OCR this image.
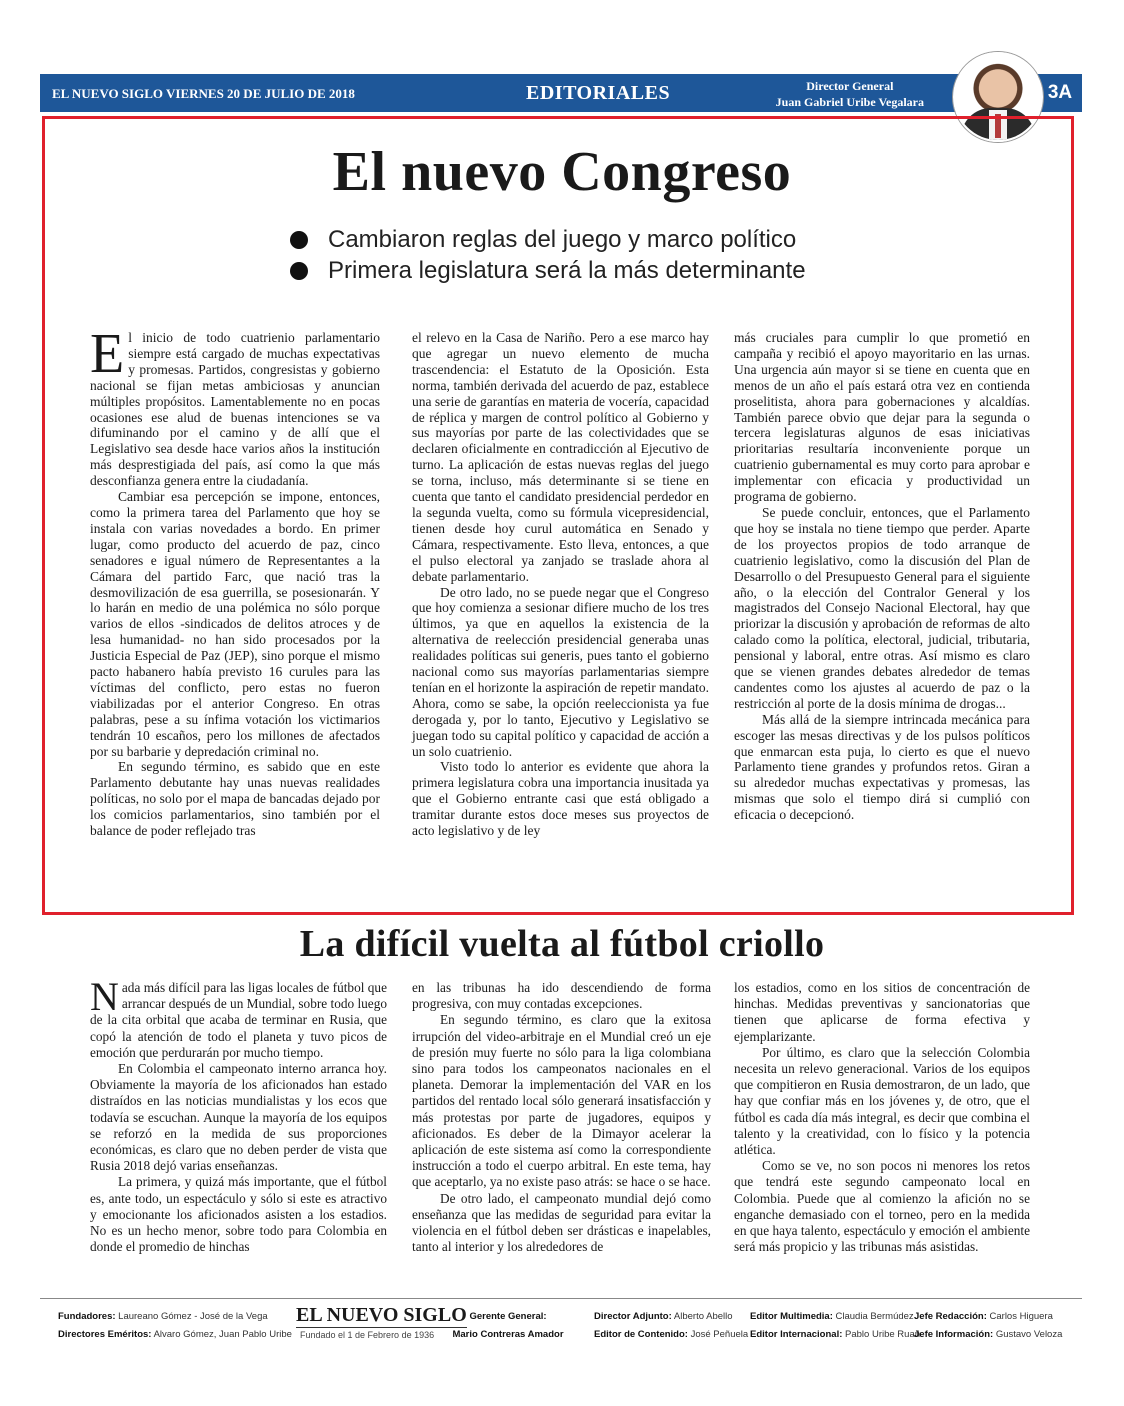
EL NUEVO SIGLO VIERNES 20 DE JULIO DE 2018	EDITORIALES	Director General
Juan Gabriel Uribe Vegalara	3A
El nuevo Congreso
Cambiaron reglas del juego y marco político
Primera legislatura será la más determinante

El inicio de todo cuatrienio parlamentario siempre está cargado de muchas expectativas y promesas. Partidos, congresistas y gobierno nacional se fijan metas ambiciosas y anuncian múltiples propósitos. Lamentablemente no en pocas ocasiones ese alud de buenas intenciones se va difuminando por el camino y de allí que el Legislativo sea desde hace varios años la institución más desprestigiada del país, así como la que más desconfianza genera entre la ciudadanía.

Cambiar esa percepción se impone, entonces, como la primera tarea del Parlamento que hoy se instala con varias novedades a bordo. En primer lugar, como producto del acuerdo de paz, cinco senadores e igual número de Representantes a la Cámara del partido Farc, que nació tras la desmovilización de esa guerrilla, se posesionarán. Y lo harán en medio de una polémica no sólo porque varios de ellos -sindicados de delitos atroces y de lesa humanidad- no han sido procesados por la Justicia Especial de Paz (JEP), sino porque el mismo pacto habanero había previsto 16 curules para las víctimas del conflicto, pero estas no fueron viabilizadas por el anterior Congreso. En otras palabras, pese a su ínfima votación los victimarios tendrán 10 escaños, pero los millones de afectados por su barbarie y depredación criminal no.

En segundo término, es sabido que en este Parlamento debutante hay unas nuevas realidades políticas, no solo por el mapa de bancadas dejado por los comicios parlamentarios, sino también por el balance de poder reflejado tras

el relevo en la Casa de Nariño. Pero a ese marco hay que agregar un nuevo elemento de mucha trascendencia: el Estatuto de la Oposición. Esta norma, también derivada del acuerdo de paz, establece una serie de garantías en materia de vocería, capacidad de réplica y margen de control político al Gobierno y sus mayorías por parte de las colectividades que se declaren oficialmente en contradicción al Ejecutivo de turno. La aplicación de estas nuevas reglas del juego se torna, incluso, más determinante si se tiene en cuenta que tanto el candidato presidencial perdedor en la segunda vuelta, como su fórmula vicepresidencial, tienen desde hoy curul automática en Senado y Cámara, respectivamente. Esto lleva, entonces, a que el pulso electoral ya zanjado se traslade ahora al debate parlamentario.

De otro lado, no se puede negar que el Congreso que hoy comienza a sesionar difiere mucho de los tres últimos, ya que en aquellos la existencia de la alternativa de reelección presidencial generaba unas realidades políticas sui generis, pues tanto el gobierno nacional como sus mayorías parlamentarias siempre tenían en el horizonte la aspiración de repetir mandato. Ahora, como se sabe, la opción reeleccionista ya fue derogada y, por lo tanto, Ejecutivo y Legislativo se juegan todo su capital político y capacidad de acción a un solo cuatrienio.

Visto todo lo anterior es evidente que ahora la primera legislatura cobra una importancia inusitada ya que el Gobierno entrante casi que está obligado a tramitar durante estos doce meses sus proyectos de acto legislativo y de ley

más cruciales para cumplir lo que prometió en campaña y recibió el apoyo mayoritario en las urnas. Una urgencia aún mayor si se tiene en cuenta que en menos de un año el país estará otra vez en contienda proselitista, ahora para gobernaciones y alcaldías. También parece obvio que dejar para la segunda o tercera legislaturas algunos de esas iniciativas prioritarias resultaría inconveniente porque un cuatrienio gubernamental es muy corto para aprobar e implementar con eficacia y productividad un programa de gobierno.

Se puede concluir, entonces, que el Parlamento que hoy se instala no tiene tiempo que perder. Aparte de los proyectos propios de todo arranque de cuatrienio legislativo, como la discusión del Plan de Desarrollo o del Presupuesto General para el siguiente año, o la elección del Contralor General y los magistrados del Consejo Nacional Electoral, hay que priorizar la discusión y aprobación de reformas de alto calado como la política, electoral, judicial, tributaria, pensional y laboral, entre otras. Así mismo es claro que se vienen grandes debates alrededor de temas candentes como los ajustes al acuerdo de paz o la restricción al porte de la dosis mínima de drogas...

Más allá de la siempre intrincada mecánica para escoger las mesas directivas y de los pulsos políticos que enmarcan esta puja, lo cierto es que el nuevo Parlamento tiene grandes y profundos retos. Giran a su alrededor muchas expectativas y promesas, las mismas que solo el tiempo dirá si cumplió con eficacia o decepcionó.

La difícil vuelta al fútbol criollo

Nada más difícil para las ligas locales de fútbol que arrancar después de un Mundial, sobre todo luego de la cita orbital que acaba de terminar en Rusia, que copó la atención de todo el planeta y tuvo picos de emoción que perdurarán por mucho tiempo.

En Colombia el campeonato interno arranca hoy. Obviamente la mayoría de los aficionados han estado distraídos en las noticias mundialistas y los ecos que todavía se escuchan. Aunque la mayoría de los equipos se reforzó en la medida de sus proporciones económicas, es claro que no deben perder de vista que Rusia 2018 dejó varias enseñanzas.

La primera, y quizá más importante, que el fútbol es, ante todo, un espectáculo y sólo si este es atractivo y emocionante los aficionados asisten a los estadios. No es un hecho menor, sobre todo para Colombia en donde el promedio de hinchas

en las tribunas ha ido descendiendo de forma progresiva, con muy contadas excepciones.

En segundo término, es claro que la exitosa irrupción del video-arbitraje en el Mundial creó un eje de presión muy fuerte no sólo para la liga colombiana sino para todos los campeonatos nacionales en el planeta. Demorar la implementación del VAR en los partidos del rentado local sólo generará insatisfacción y más protestas por parte de jugadores, equipos y aficionados. Es deber de la Dimayor acelerar la aplicación de este sistema así como la correspondiente instrucción a todo el cuerpo arbitral. En este tema, hay que aceptarlo, ya no existe paso atrás: se hace o se hace.

De otro lado, el campeonato mundial dejó como enseñanza que las medidas de seguridad para evitar la violencia en el fútbol deben ser drásticas e inapelables, tanto al interior y los alrededores de

los estadios, como en los sitios de concentración de hinchas. Medidas preventivas y sancionatorias que tienen que aplicarse de forma efectiva y ejemplarizante.

Por último, es claro que la selección Colombia necesita un relevo generacional. Varios de los equipos que compitieron en Rusia demostraron, de un lado, que hay que confiar más en los jóvenes y, de otro, que el fútbol es cada día más integral, es decir que combina el talento y la creatividad, con lo físico y la potencia atlética.

Como se ve, no son pocos ni menores los retos que tendrá este segundo campeonato local en Colombia. Puede que al comienzo la afición no se enganche demasiado con el torneo, pero en la medida en que haya talento, espectáculo y emoción el ambiente será más propicio y las tribunas más asistidas.

Fundadores: Laureano Gómez - José de la Vega
Directores Eméritos: Alvaro Gómez, Juan Pablo Uribe
EL NUEVO SIGLO
Fundado el 1 de Febrero de 1936
Gerente General:
Mario Contreras Amador
Director Adjunto: Alberto Abello
Editor de Contenido: José Peñuela
Editor Multimedia: Claudia Bermúdez
Editor Internacional: Pablo Uribe Ruan
Jefe Redacción: Carlos Higuera
Jefe Información: Gustavo Veloza
